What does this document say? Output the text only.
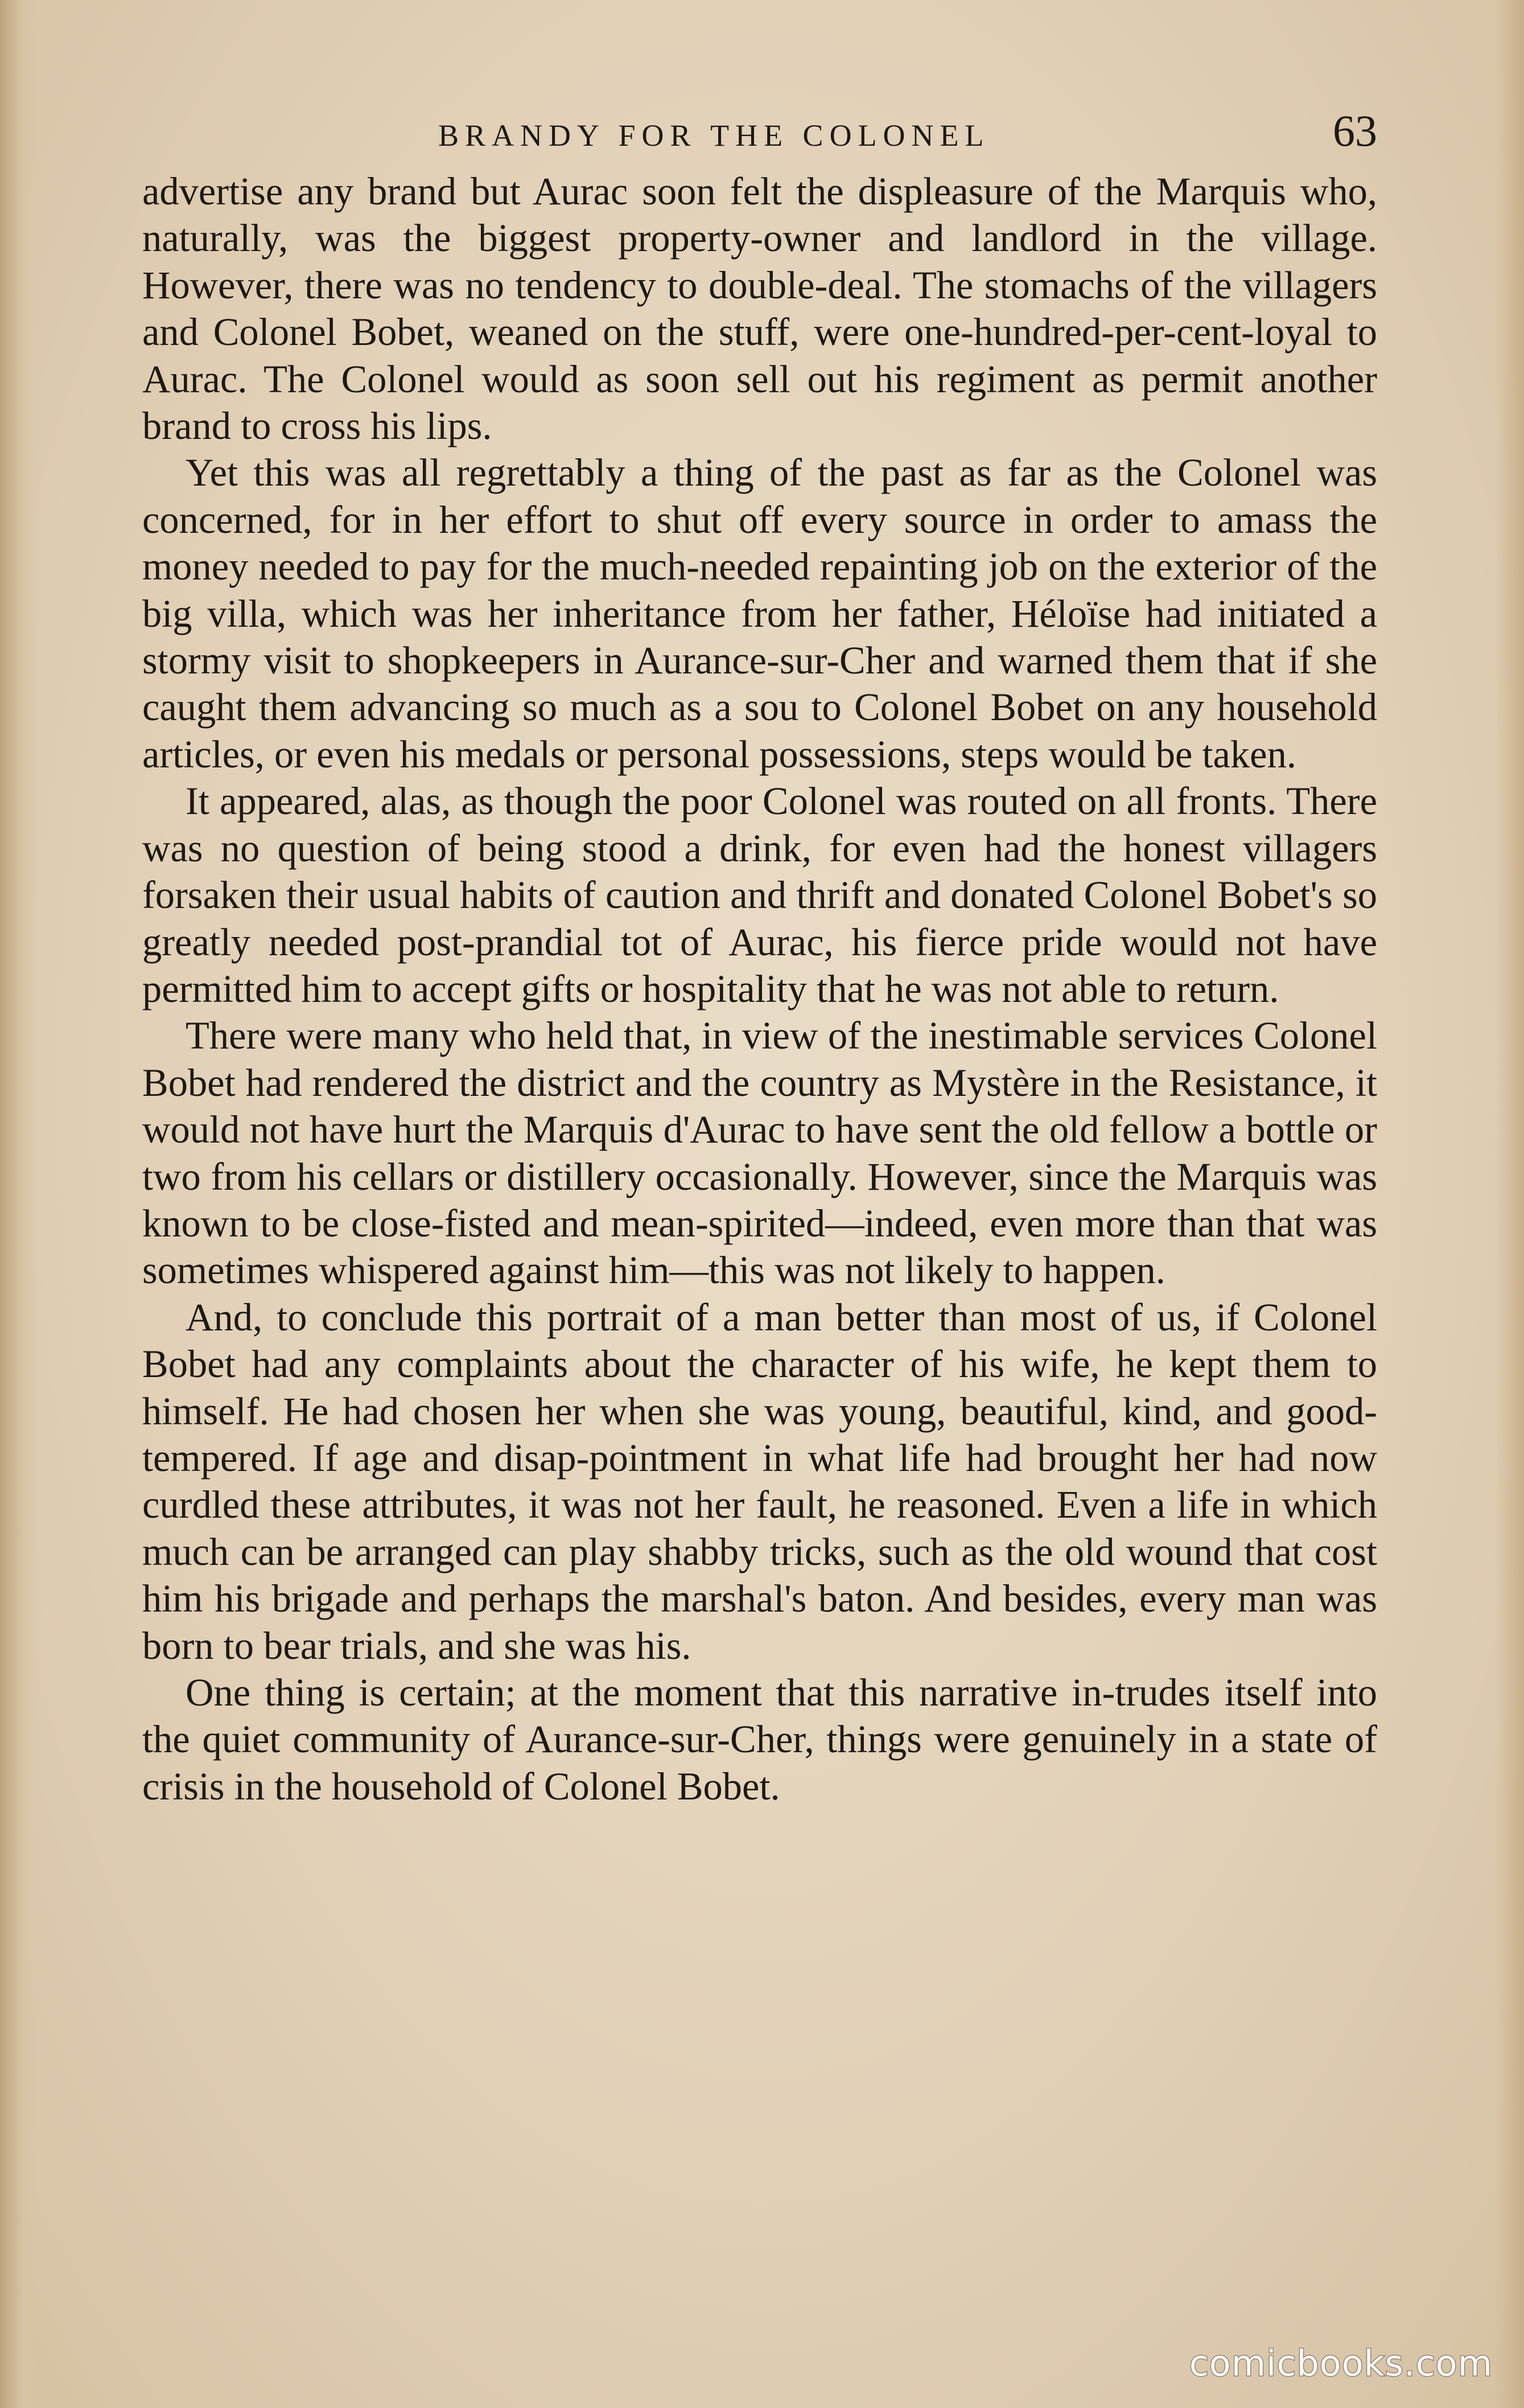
BRANDY FOR THE COLONEL	63

advertise any brand but Aurac soon felt the displeasure of the Marquis who, naturally, was the biggest property-owner and landlord in the village. However, there was no tendency to double-deal. The stomachs of the villagers and Colonel Bobet, weaned on the stuff, were one-hundred-per-cent-loyal to Aurac. The Colonel would as soon sell out his regiment as permit another brand to cross his lips.

Yet this was all regrettably a thing of the past as far as the Colonel was concerned, for in her effort to shut off every source in order to amass the money needed to pay for the much-needed repainting job on the exterior of the big villa, which was her inheritance from her father, Héloïse had initiated a stormy visit to shopkeepers in Aurance-sur-Cher and warned them that if she caught them advancing so much as a sou to Colonel Bobet on any household articles, or even his medals or personal possessions, steps would be taken.

It appeared, alas, as though the poor Colonel was routed on all fronts. There was no question of being stood a drink, for even had the honest villagers forsaken their usual habits of caution and thrift and donated Colonel Bobet's so greatly needed post-prandial tot of Aurac, his fierce pride would not have permitted him to accept gifts or hospitality that he was not able to return.

There were many who held that, in view of the inestimable services Colonel Bobet had rendered the district and the country as Mystère in the Resistance, it would not have hurt the Marquis d'Aurac to have sent the old fellow a bottle or two from his cellars or distillery occasionally. However, since the Marquis was known to be close-fisted and mean-spirited—indeed, even more than that was sometimes whispered against him—this was not likely to happen.

And, to conclude this portrait of a man better than most of us, if Colonel Bobet had any complaints about the character of his wife, he kept them to himself. He had chosen her when she was young, beautiful, kind, and good-tempered. If age and disap-pointment in what life had brought her had now curdled these attributes, it was not her fault, he reasoned. Even a life in which much can be arranged can play shabby tricks, such as the old wound that cost him his brigade and perhaps the marshal's baton. And besides, every man was born to bear trials, and she was his.

One thing is certain; at the moment that this narrative in-trudes itself into the quiet community of Aurance-sur-Cher, things were genuinely in a state of crisis in the household of Colonel Bobet.

comicbooks.com
